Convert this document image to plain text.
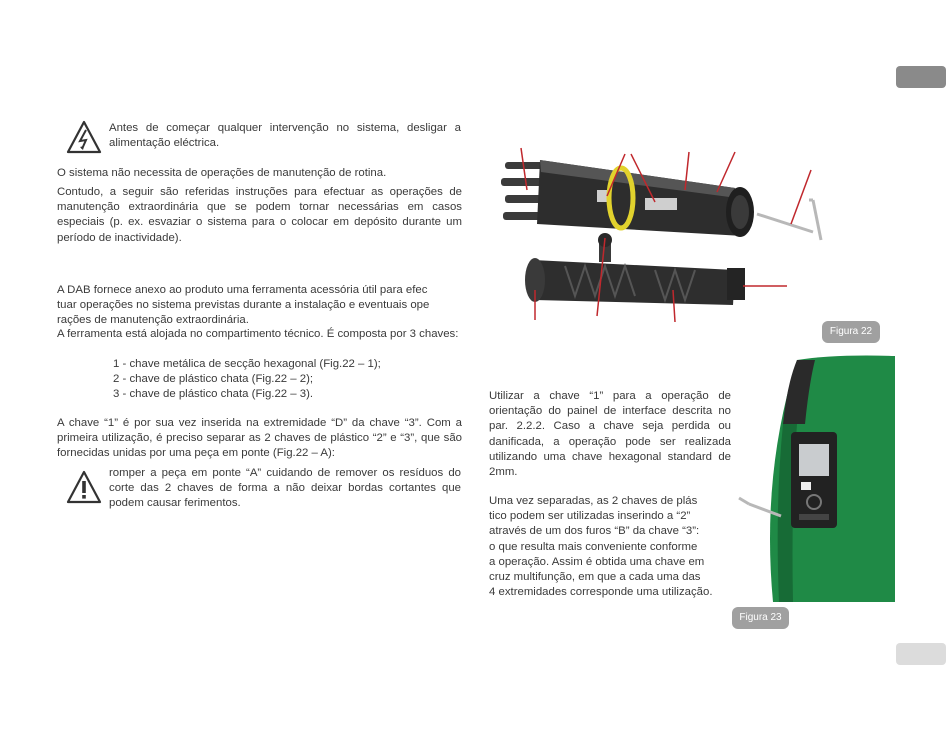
Antes de começar qualquer intervenção no sistema, desligar a alimentação eléctrica.

O sistema não necessita de operações de manutenção de rotina.

Contudo, a seguir são referidas instruções para efectuar as operações de manutenção extraordinária que se podem tornar necessárias em casos especiais (p. ex. esvaziar o sistema para o colocar em depósito durante um período de inactividade).

A DAB fornece anexo ao produto uma ferramenta acessória útil para efec
tuar operações no sistema previstas durante a instalação e eventuais ope
rações de manutenção extraordinária.

A ferramenta está alojada no compartimento técnico. É composta por 3 chaves:

1 - chave metálica de secção hexagonal (Fig.22 – 1);
2 - chave de plástico chata (Fig.22 – 2);
3 - chave de plástico chata (Fig.22 – 3).

A chave “1” é por sua vez inserida na extremidade “D” da chave “3”. Com a primeira utilização, é preciso separar as 2 chaves de plástico “2” e “3”, que são fornecidas unidas por uma peça em ponte (Fig.22 – A):

romper a peça em ponte “A” cuidando de remover os resíduos do corte das 2 chaves de forma a não deixar bordas cortantes que podem causar ferimentos.

Figura 22

Utilizar a chave “1” para a operação de orientação do painel de interface descrita no par. 2.2.2. Caso a chave seja perdida ou danificada, a operação pode ser realizada utilizando uma chave hexagonal standard de 2mm.

Uma vez separadas, as 2 chaves de plás
tico podem ser utilizadas inserindo a “2”
através de um dos furos “B” da chave “3”:
o que resulta mais conveniente conforme
a operação. Assim é obtida uma chave em
cruz multifunção, em que a cada uma das
4 extremidades corresponde uma utilização.

Figura 23
